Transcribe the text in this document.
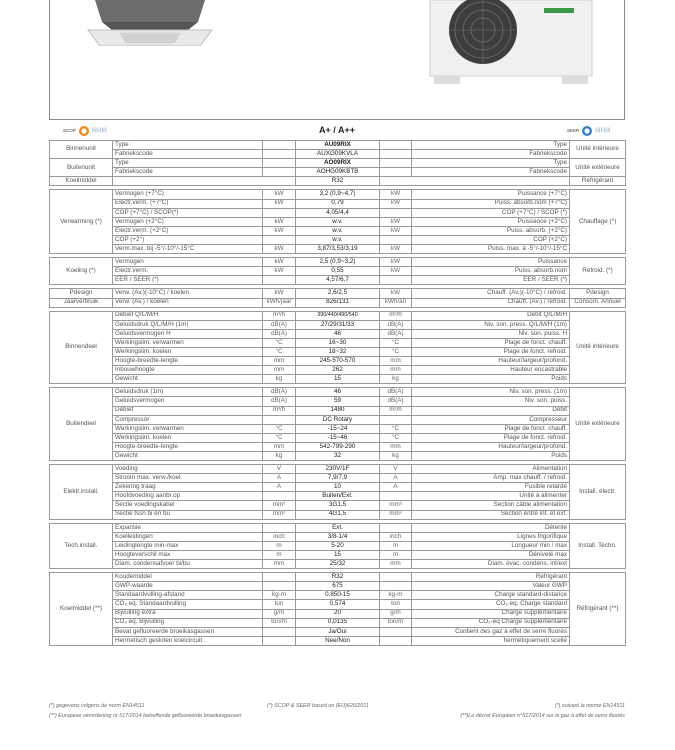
SCOP	回目回	A+ / A++	SEER	回目回
Binnenunit	Type		AU09RIX		Type	Unité intérieure
	Fabriekscode		AUXG09KVLA		Fabriekscode	
Buitenunit	Type		AO09RIX		Type	Unité extérieure
	Fabriekscode		AOHG09KBTB		Fabriekscode	
Koelmiddel			R32			Réfrigérant

Verwarming (*)	Vermogen (+7°C)	kW	3,2 (0,9~4,7)	kW	Puissance (+7°C)	Chauffage (*)
	Electr.verm. (+7°C)	kW	0,79	kW	Puiss. absorb.nom (+7°C)	
	COP (+7°C) / SCOP(*)		4,05/4,4		COP (+7°C) / SCOP (*)	
	Vermogen (+2°C)	kW	w.v.	kW	Puissance (+2°C)	
	Electr.verm. (+2°C)	kW	w.v.	kW	Puiss. absorb. (+2°C)	
	COP (+2°)		w.v.		COP (+2°C)	
	Verm.max. bij -5°/-10°/-15°C	kW	3,87/3,53/3,19	kW	Puiss. max. à -5°/-10°/-15°C	

Koeling (*)	Vermogen	kW	2,5 (0,9~3,2)	kW	Puissance	Refroid. (*)
	Electr.verm.	kW	0,55	kW	Puiss. absorb.nom	
	EER / SEER (*)		4,57/6,7		EER / SEER (*)	

Pdesign	Verw. (Av.)(-10°C) / koelen	kW	2,6/2,5	kW	Chauff. (Av.)(-10°C) / refroid.	Pdesign
Jaarverbruik	Verw. (Av.) / koelen	kWh/jaar	826/131	kWh/an	Chauff. (Av.) / refroid.	Consom. Annuel

Binnendeel	Debiet Q/L/M/H	m³/h	390/440/490/540	m³/h	Débit Q/L/M/H	Unité intérieure
	Geluidsdruk Q/L/M/H (1m)	dB(A)	27/29/31/33	dB(A)	Niv. son. press. Q/L/M/H (1m)	
	Geluidsvermogen H	dB(A)	46	dB(A)	Niv. son. puiss. H	
	Werkingslim. verwarmen	°C	16~30	°C	Plage de fonct. chauff.	
	Werkingslim. koelen	°C	18~32	°C	Plage de fonct. refroid.	
	Hoogte-breedte-lengte	mm	245-570-570	mm	Hauteur/largeur/profond.	
	Inbouwhoogte	mm	262	mm	Hauteur encastrable	
	Gewicht	kg	15	kg	Poids	

Buitendeel	Geluidsdruk (1m)	dB(A)	46	dB(A)	Niv. son. press. (1m)	Unité extérieure
	Geluidsvermogen	dB(A)	59	dB(A)	Niv. son. puiss.	
	Debiet	m³/h	1480	m³/h	Débit	
	Compressor		DC Rotary		Compresseur	
	Werkingslim. verwarmen	°C	-15~24	°C	Plage de fonct. chauff.	
	Werkingslim. koelen	°C	-15~46	°C	Plage de fonct. refroid.	
	Hoogte-breedte-lengte	mm	542-799-290	mm	Hauteur/largeur/profond.	
	Gewicht	kg	32	kg	Poids	

Elektr.install.	Voeding	V	230V/1F	V	Alimentation	Install. électr.
	Stroom max. verw./koel.	A	7,9/7,9	A	Amp. max chauff. / refroid.	
	Zekering traag	A	10	A	Fusible retardé	
	Hoofdvoeding aanbr.op		Buiten/Ext.		Unité à alimenter	
	Sectie voedingskabel	mm²	3G1,5	mm²	Section câble alimentation	
	Sectie tssn bi en bu	mm²	4G1,5	mm²	Section entre int. et ext.	

Tech.install.	Expansie		Ext.		Détente	Install. Techn.
	Koelleidingen	inch	3/8-1/4	inch	Lignes frigorifique	
	Leidinglengte min-max	m	5-20	m	Longueur min / max	
	Hoogteverschil max	m	15	m	Dénivelé max	
	Diam. condensafvoer bi/bu	mm	25/32	mm	Diam. évac. condens. int/ext	

Koelmiddel (**)	Koudemiddel		R32		Réfrigérant	Réfrigérant (**)
	GWP-waarde		675		Valeur GWP	
	Standaardvulling-afstand	kg-m	0,850-15	kg-m	Charge standard-distance	
	CO₂ eq. Standaardvulling	ton	0,574	ton	CO₂ eq. Charge standard	
	Bijvulling extra	g/m	20	g/m	Charge supplémentaire	
	CO₂ eq. Bijvulling	ton/m	0,0135	ton/m	CO₂-eq Charge supplémentaire	
	Bevat gefluoreerde broeikasgassen		Ja/Oui		Contient des gaz à effet de serre fluorés	
	Hermetisch gesloten koelcircuit		Nee/Non		hermétiquement scellé	
(*) gegevens volgens de norm EN14511	(*) SCOP & SEER based on (EU)626/2011	(*) suivant la norme EN14511
(**) Europese verordening nr 517/2014 betreffende gefluoreerde broeikasgassen	(**)Le décret Européen n°517/2014 sur le gaz à effet de serre fluorés
